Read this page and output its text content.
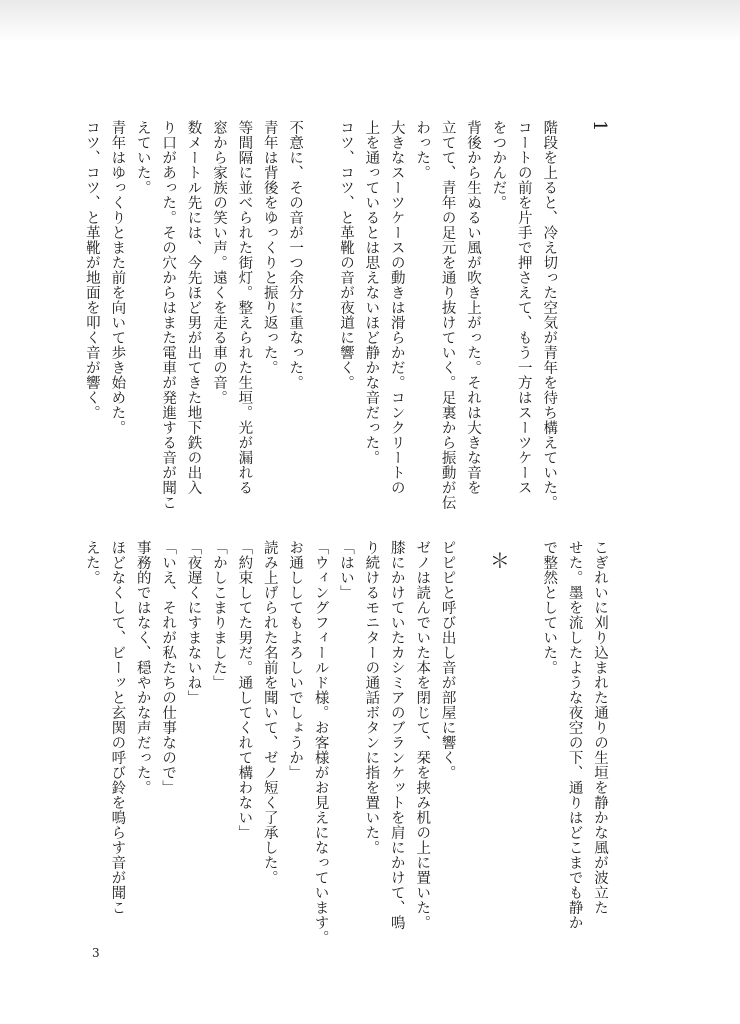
1
階段を上ると、冷え切った空気が青年を待ち構えていた。
コートの前を片手で押さえて、もう一方はスーツケース
をつかんだ。
背後から生ぬるい風が吹き上がった。それは大きな音を
立てて、青年の足元を通り抜けていく。足裏から振動が伝
わった。
大きなスーツケースの動きは滑らかだ。コンクリートの
上を通っているとは思えないほど静かな音だった。
コツ、コツ、と革靴の音が夜道に響く。
不意に、その音が一つ余分に重なった。
青年は背後をゆっくりと振り返った。
等間隔に並べられた街灯。整えられた生垣。光が漏れる
窓から家族の笑い声。遠くを走る車の音。
数メートル先には、今先ほど男が出てきた地下鉄の出入
り口があった。その穴からはまた電車が発進する音が聞こ
えていた。
青年はゆっくりとまた前を向いて歩き始めた。
コツ、コツ、と革靴が地面を叩く音が響く。
こぎれいに刈り込まれた通りの生垣を静かな風が波立た
せた。墨を流したような夜空の下、通りはどこまでも静か
で整然としていた。
＊
ピピピと呼び出し音が部屋に響く。
ゼノは読んでいた本を閉じて、栞を挟み机の上に置いた。
膝にかけていたカシミアのブランケットを肩にかけて、鳴
り続けるモニターの通話ボタンに指を置いた。
「はい」
「ウィングフィールド様。お客様がお見えになっています。
お通ししてもよろしいでしょうか」
読み上げられた名前を聞いて、ゼノ短く了承した。
「約束してた男だ。通してくれて構わない」
「かしこまりました」
「夜遅くにすまないね」
「いえ、それが私たちの仕事なので」
事務的ではなく、穏やかな声だった。
ほどなくして、ビーッと玄関の呼び鈴を鳴らす音が聞こ
えた。
3
